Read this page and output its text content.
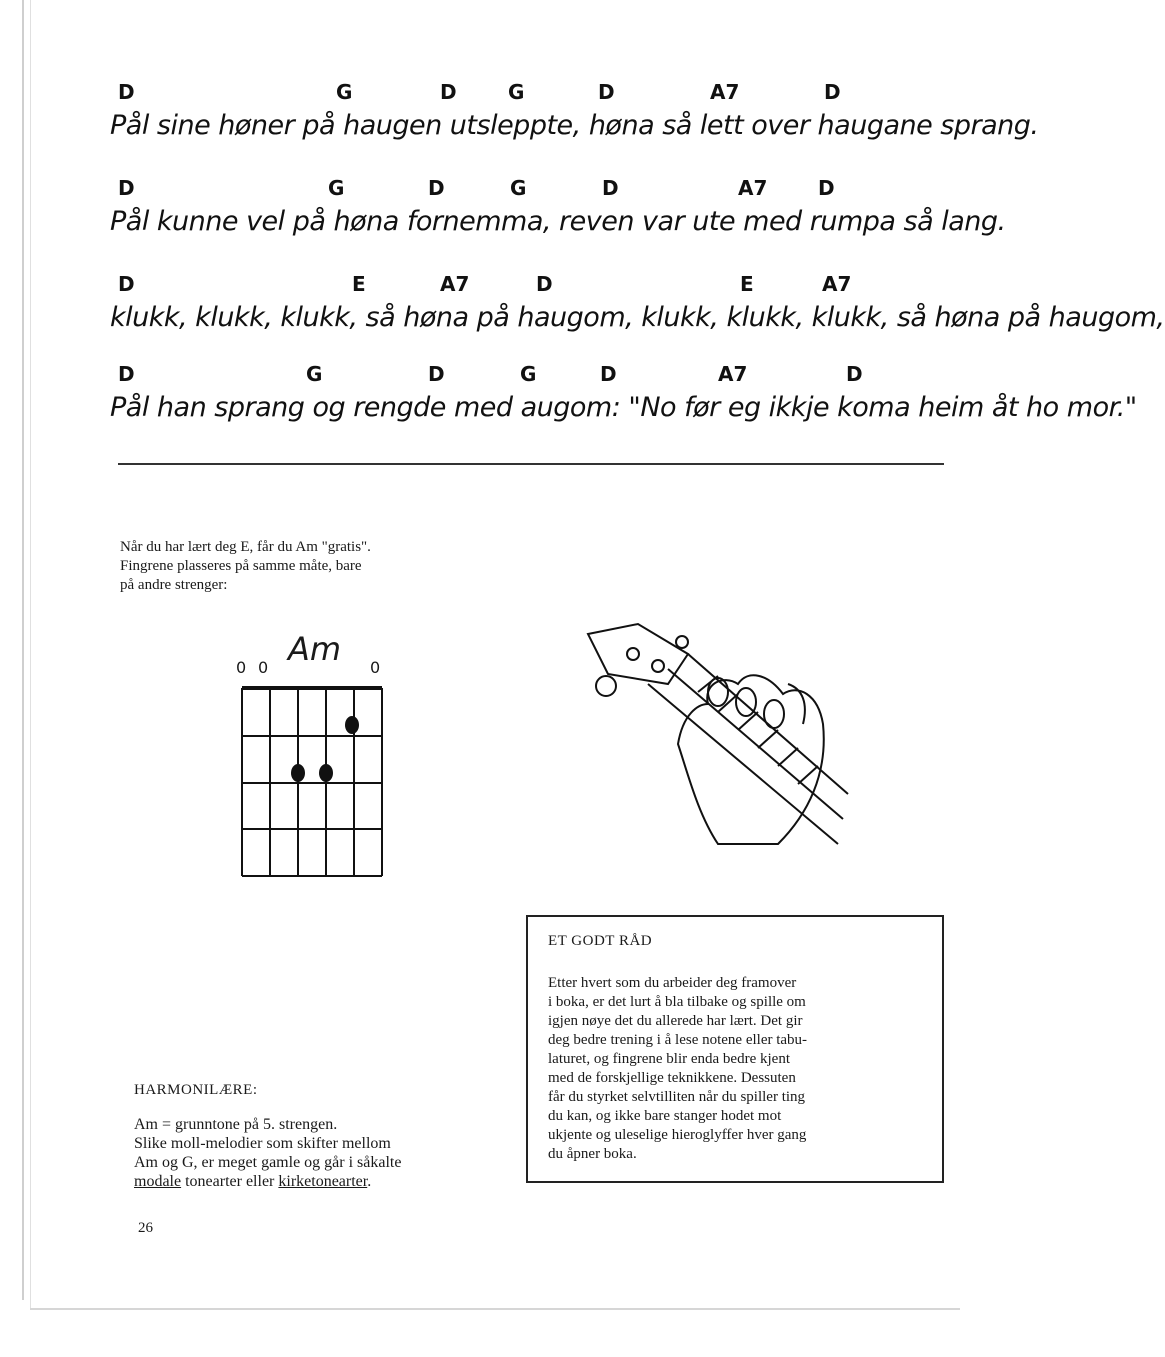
D	G	D	G	D	A7	D
Pål sine høner på haugen utsleppte, høna så lett over haugane sprang.
D	G	D	G	D	A7	D
Pål kunne vel på høna fornemma, reven var ute med rumpa så lang.
D	E	A7	D	E	A7
klukk, klukk, klukk, så høna på haugom, klukk, klukk, klukk, så høna på haugom,
D	G	D	G	D	A7	D
Pål han sprang og rengde med augom: "No før eg ikkje koma heim åt ho mor."
Når du har lært deg E, får du Am "gratis".
Fingrene plasseres på samme måte, bare
på andre strenger:
0 0 Am 0
ET GODT RÅD
Etter hvert som du arbeider deg framover
i boka, er det lurt å bla tilbake og spille om
igjen nøye det du allerede har lært. Det gir
deg bedre trening i å lese notene eller tabu-
laturet, og fingrene blir enda bedre kjent
med de forskjellige teknikkene. Dessuten
får du styrket selvtilliten når du spiller ting
du kan, og ikke bare stanger hodet mot
ukjente og uleselige hieroglyffer hver gang
du åpner boka.
HARMONILÆRE:
Am = grunntone på 5. strengen.
Slike moll-melodier som skifter mellom
Am og G, er meget gamle og går i såkalte
modale tonearter eller kirketonearter.
26
